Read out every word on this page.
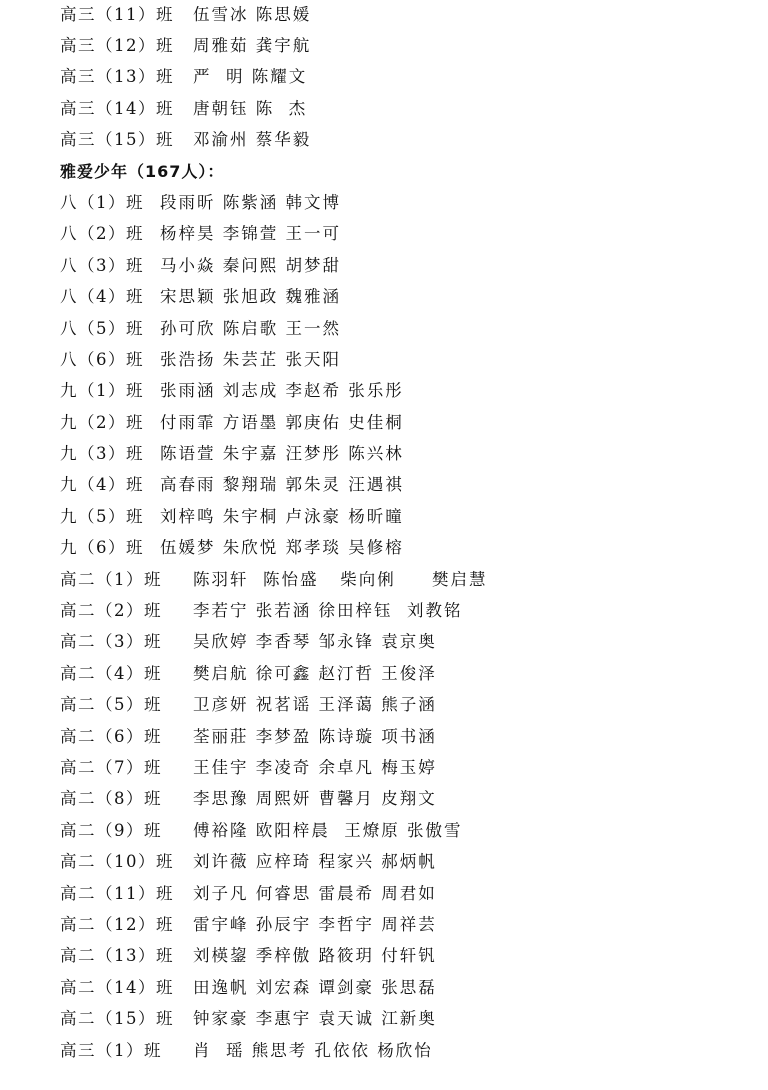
高三（11）班 伍雪冰 陈思媛
高三（12）班 周雅茹 龚宇航
高三（13）班 严  明 陈耀文
高三（14）班 唐朝钰 陈  杰
高三（15）班 邓渝州 蔡华毅
雅爱少年（167人）：
八（1）班 段雨昕 陈紫涵 韩文博
八（2）班 杨梓昊 李锦萱 王一可
八（3）班 马小焱 秦问熙 胡梦甜
八（4）班 宋思颖 张旭政 魏雅涵
八（5）班 孙可欣 陈启歌 王一然
八（6）班 张浩扬 朱芸芷 张天阳
九（1）班 张雨涵 刘志成 李赵希 张乐彤
九（2）班 付雨霏 方语墨 郭庚佑 史佳桐
九（3）班 陈语萱 朱宇嘉 汪梦彤 陈兴林
九（4）班 高春雨 黎翔瑞 郭朱灵 汪遇祺
九（5）班 刘梓鸣 朱宇桐 卢泳豪 杨昕曈
九（6）班 伍媛梦 朱欣悦 郑孝琰 吴修榕
高二（1）班 陈羽轩  陈怡盛   柴向俐     樊启慧
高二（2）班 李若宁 张若涵 徐田梓钰  刘教铭
高二（3）班 吴欣婷 李香琴 邹永锋 袁京奥
高二（4）班 樊启航 徐可鑫 赵汀哲 王俊泽
高二（5）班 卫彦妍 祝茗谣 王泽蔼 熊子涵
高二（6）班 荃丽莊 李梦盈 陈诗璇 项书涵
高二（7）班 王佳宇 李凌奇 余卓凡 梅玉婷
高二（8）班 李思豫 周熙妍 曹馨月 皮翔文
高二（9）班 傅裕隆 欧阳梓晨  王燎原 张傲雪
高二（10）班 刘许薇 应梓琦 程家兴 郝炳帆
高二（11）班 刘子凡 何睿思 雷晨希 周君如
高二（12）班 雷宇峰 孙辰宇 李哲宇 周祥芸
高二（13）班 刘楧鋆 季梓傲 路筱玥 付轩钒
高二（14）班 田逸帆 刘宏森 谭剑豪 张思磊
高二（15）班 钟家豪 李惠宇 袁天诚 江新奥
高三（1）班 肖  瑶 熊思考 孔依依 杨欣怡
